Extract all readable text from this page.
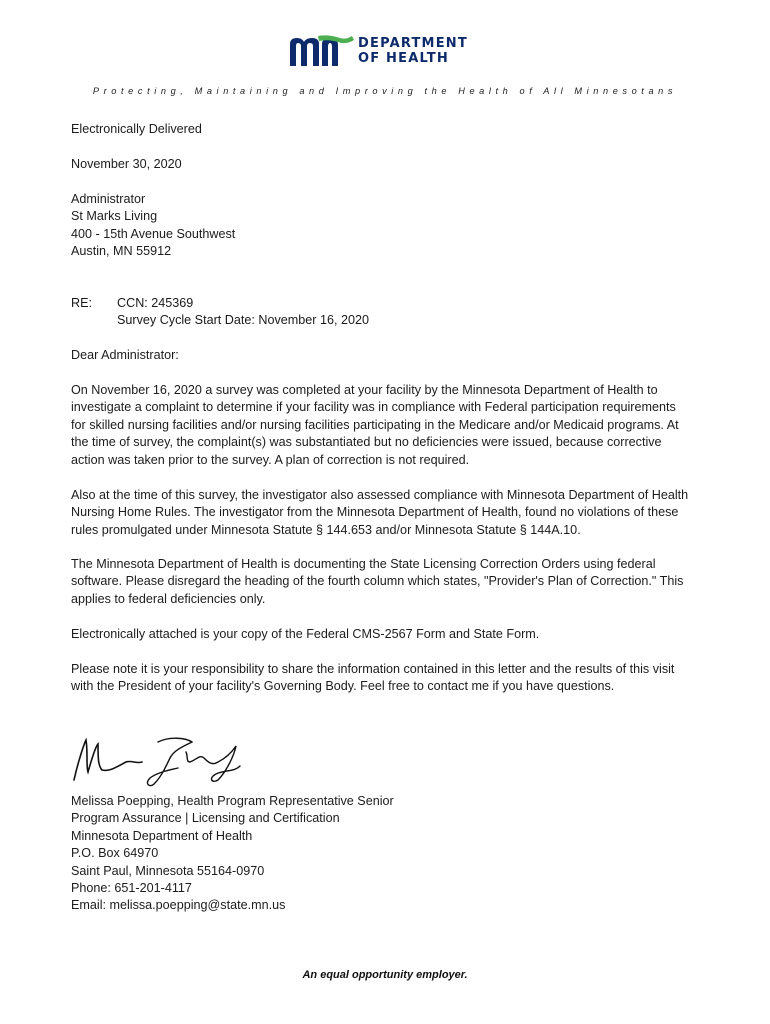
DEPARTMENT
OF HEALTH
Protecting, Maintaining and Improving the Health of All Minnesotans
Electronically Delivered
November 30, 2020
Administrator
St Marks Living
400 - 15th Avenue Southwest
Austin, MN 55912
RE: CCN: 245369
Survey Cycle Start Date: November 16, 2020
Dear Administrator:
On November 16, 2020 a survey was completed at your facility by the Minnesota Department of Health to
investigate a complaint to determine if your facility was in compliance with Federal participation requirements
for skilled nursing facilities and/or nursing facilities participating in the Medicare and/or Medicaid programs. At
the time of survey, the complaint(s) was substantiated but no deficiencies were issued, because corrective
action was taken prior to the survey. A plan of correction is not required.
Also at the time of this survey, the investigator also assessed compliance with Minnesota Department of Health
Nursing Home Rules. The investigator from the Minnesota Department of Health, found no violations of these
rules promulgated under Minnesota Statute § 144.653 and/or Minnesota Statute § 144A.10.
The Minnesota Department of Health is documenting the State Licensing Correction Orders using federal
software. Please disregard the heading of the fourth column which states, "Provider's Plan of Correction." This
applies to federal deficiencies only.
Electronically attached is your copy of the Federal CMS-2567 Form and State Form.
Please note it is your responsibility to share the information contained in this letter and the results of this visit
with the President of your facility's Governing Body. Feel free to contact me if you have questions.
Melissa Poepping, Health Program Representative Senior
Program Assurance | Licensing and Certification
Minnesota Department of Health
P.O. Box 64970
Saint Paul, Minnesota 55164-0970
Phone: 651-201-4117
Email: melissa.poepping@state.mn.us
An equal opportunity employer.
